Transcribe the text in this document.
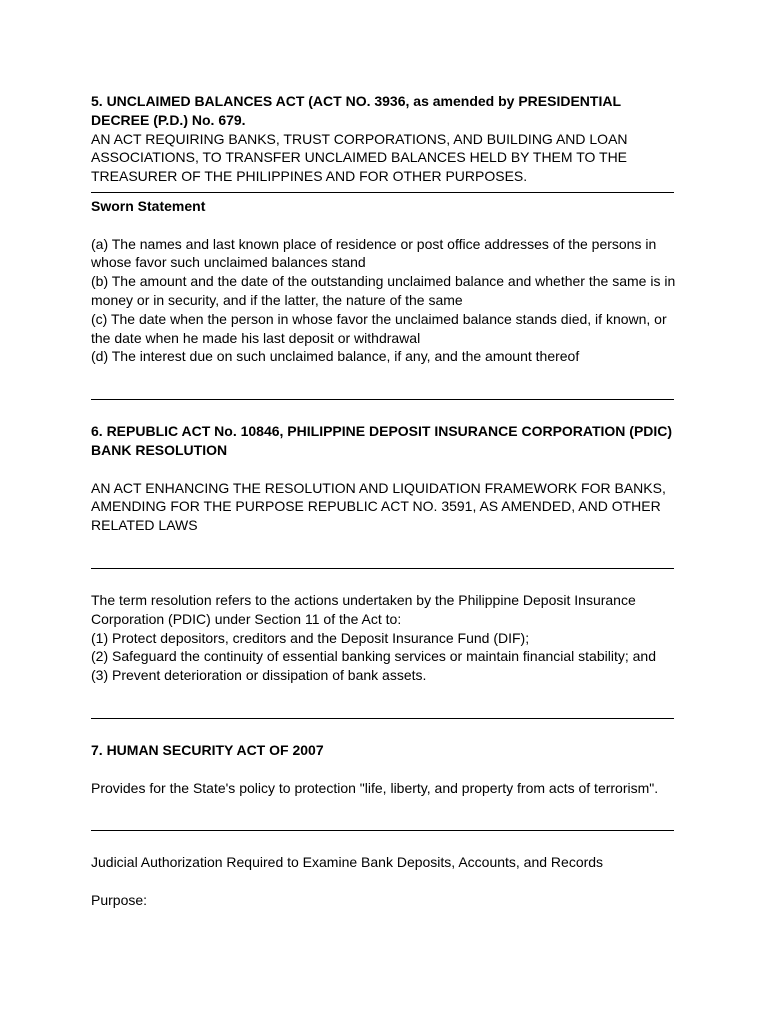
5. UNCLAIMED BALANCES ACT (ACT NO. 3936, as amended by PRESIDENTIAL DECREE (P.D.) No. 679.

AN ACT REQUIRING BANKS, TRUST CORPORATIONS, AND BUILDING AND LOAN

ASSOCIATIONS, TO TRANSFER UNCLAIMED BALANCES HELD BY THEM TO THE

TREASURER OF THE PHILIPPINES AND FOR OTHER PURPOSES.

Sworn Statement

(a) The names and last known place of residence or post office addresses of the persons in whose favor such unclaimed balances stand

(b) The amount and the date of the outstanding unclaimed balance and whether the same is in money or in security, and if the latter, the nature of the same

(c) The date when the person in whose favor the unclaimed balance stands died, if known, or the date when he made his last deposit or withdrawal

(d) The interest due on such unclaimed balance, if any, and the amount thereof

6. REPUBLIC ACT No. 10846, PHILIPPINE DEPOSIT INSURANCE CORPORATION (PDIC) BANK RESOLUTION

AN ACT ENHANCING THE RESOLUTION AND LIQUIDATION FRAMEWORK FOR BANKS,

AMENDING FOR THE PURPOSE REPUBLIC ACT NO. 3591, AS AMENDED, AND OTHER

RELATED LAWS

The term resolution refers to the actions undertaken by the Philippine Deposit Insurance Corporation (PDIC) under Section 11 of the Act to:

(1) Protect depositors, creditors and the Deposit Insurance Fund (DIF);

(2) Safeguard the continuity of essential banking services or maintain financial stability; and

(3) Prevent deterioration or dissipation of bank assets.

7. HUMAN SECURITY ACT OF 2007

Provides for the State's policy to protection "life, liberty, and property from acts of terrorism".

Judicial Authorization Required to Examine Bank Deposits, Accounts, and Records

Purpose:
